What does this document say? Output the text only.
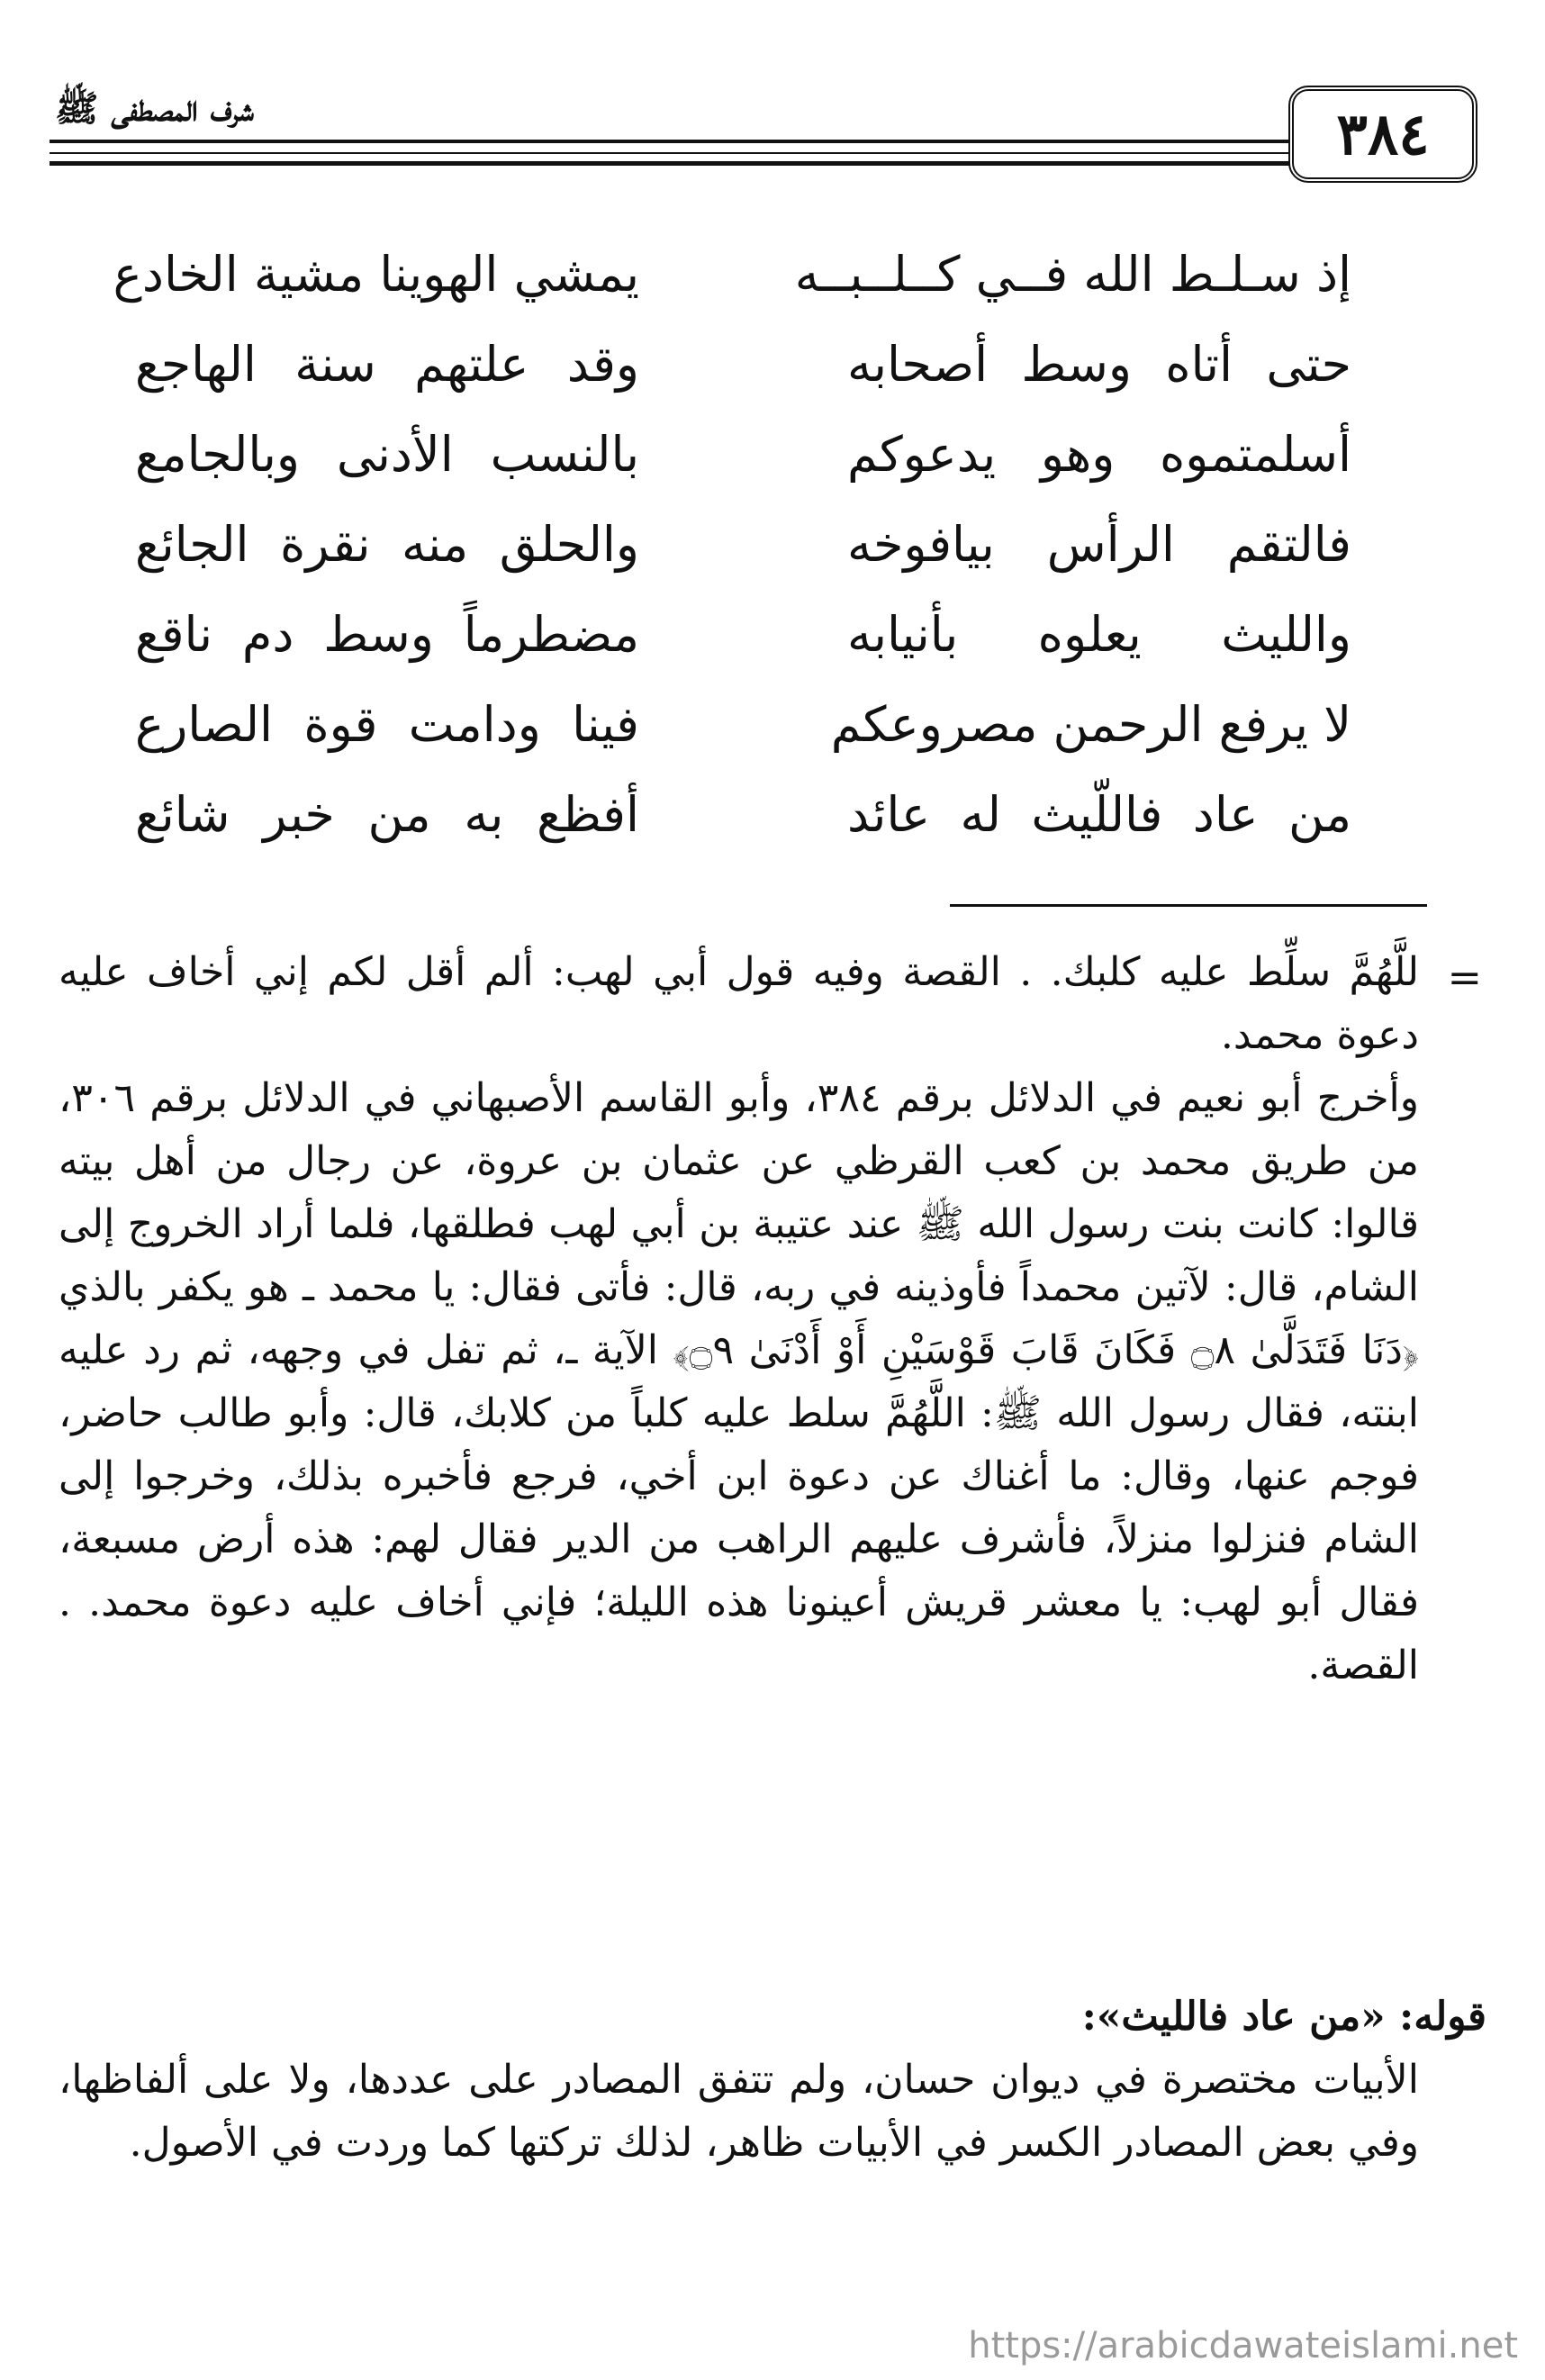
٣٨٤
شرف المصطفى ﷺ
إذ سـلـط الله فــي كــلــبــه
يمشي الهوينا مشية الخادع
حتى أتاه وسط أصحابه
وقد علتهم سنة الهاجع
أسلمتموه وهو يدعوكم
بالنسب الأدنى وبالجامع
فالتقم الرأس بيافوخه
والحلق منه نقرة الجائع
والليث يعلوه بأنيابه
مضطرماً وسط دم ناقع
لا يرفع الرحمن مصروعكم
فينا ودامت قوة الصارع
من عاد فاللّيث له عائد
أفظع به من خبر شائع
=

للَّهُمَّ سلِّط عليه كلبك. . القصة وفيه قول أبي لهب: ألم أقل لكم إني أخاف عليه دعوة محمد.

وأخرج أبو نعيم في الدلائل برقم ٣٨٤، وأبو القاسم الأصبهاني في الدلائل برقم ٣٠٦، من طريق محمد بن كعب القرظي عن عثمان بن عروة، عن رجال من أهل بيته قالوا: كانت بنت رسول الله ﷺ عند عتيبة بن أبي لهب فطلقها، فلما أراد الخروج إلى الشام، قال: لآتين محمداً فأوذينه في ربه، قال: فأتى فقال: يا محمد ـ هو يكفر بالذي ﴿دَنَا فَتَدَلَّىٰ ۝٨ فَكَانَ قَابَ قَوْسَيْنِ أَوْ أَدْنَىٰ ۝٩﴾ الآية ـ، ثم تفل في وجهه، ثم رد عليه ابنته، فقال رسول الله ﷺ: اللَّهُمَّ سلط عليه كلباً من كلابك، قال: وأبو طالب حاضر، فوجم عنها، وقال: ما أغناك عن دعوة ابن أخي، فرجع فأخبره بذلك، وخرجوا إلى الشام فنزلوا منزلاً، فأشرف عليهم الراهب من الدير فقال لهم: هذه أرض مسبعة، فقال أبو لهب: يا معشر قريش أعينونا هذه الليلة؛ فإني أخاف عليه دعوة محمد. . القصة.

قوله: «من عاد فالليث»:
الأبيات مختصرة في ديوان حسان، ولم تتفق المصادر على عددها، ولا على ألفاظها، وفي بعض المصادر الكسر في الأبيات ظاهر، لذلك تركتها كما وردت في الأصول.
https://arabicdawateislami.net
